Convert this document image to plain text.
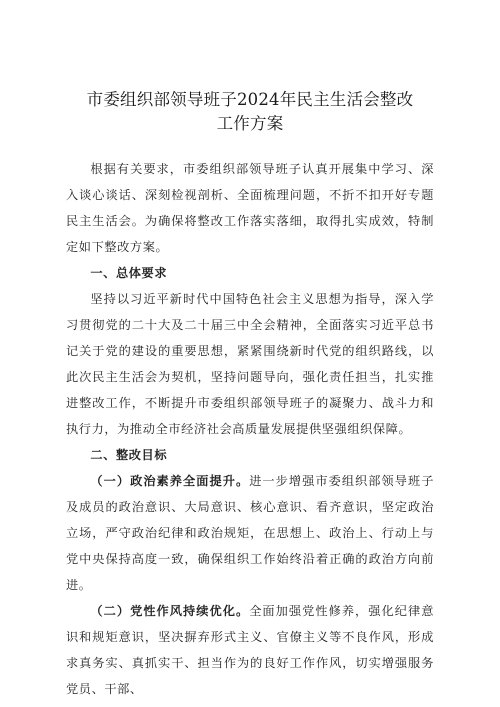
市委组织部领导班子2024年民主生活会整改
工作方案

根据有关要求，市委组织部领导班子认真开展集中学习、深入谈心谈话、深刻检视剖析、全面梳理问题，不折不扣开好专题民主生活会。为确保将整改工作落实落细，取得扎实成效，特制定如下整改方案。

一、总体要求

坚持以习近平新时代中国特色社会主义思想为指导，深入学习贯彻党的二十大及二十届三中全会精神，全面落实习近平总书记关于党的建设的重要思想，紧紧围绕新时代党的组织路线，以此次民主生活会为契机，坚持问题导向，强化责任担当，扎实推进整改工作，不断提升市委组织部领导班子的凝聚力、战斗力和执行力，为推动全市经济社会高质量发展提供坚强组织保障。

二、整改目标

（一）政治素养全面提升。进一步增强市委组织部领导班子及成员的政治意识、大局意识、核心意识、看齐意识，坚定政治立场，严守政治纪律和政治规矩，在思想上、政治上、行动上与党中央保持高度一致，确保组织工作始终沿着正确的政治方向前进。

（二）党性作风持续优化。全面加强党性修养，强化纪律意识和规矩意识，坚决摒弃形式主义、官僚主义等不良作风，形成求真务实、真抓实干、担当作为的良好工作作风，切实增强服务党员、干部、
